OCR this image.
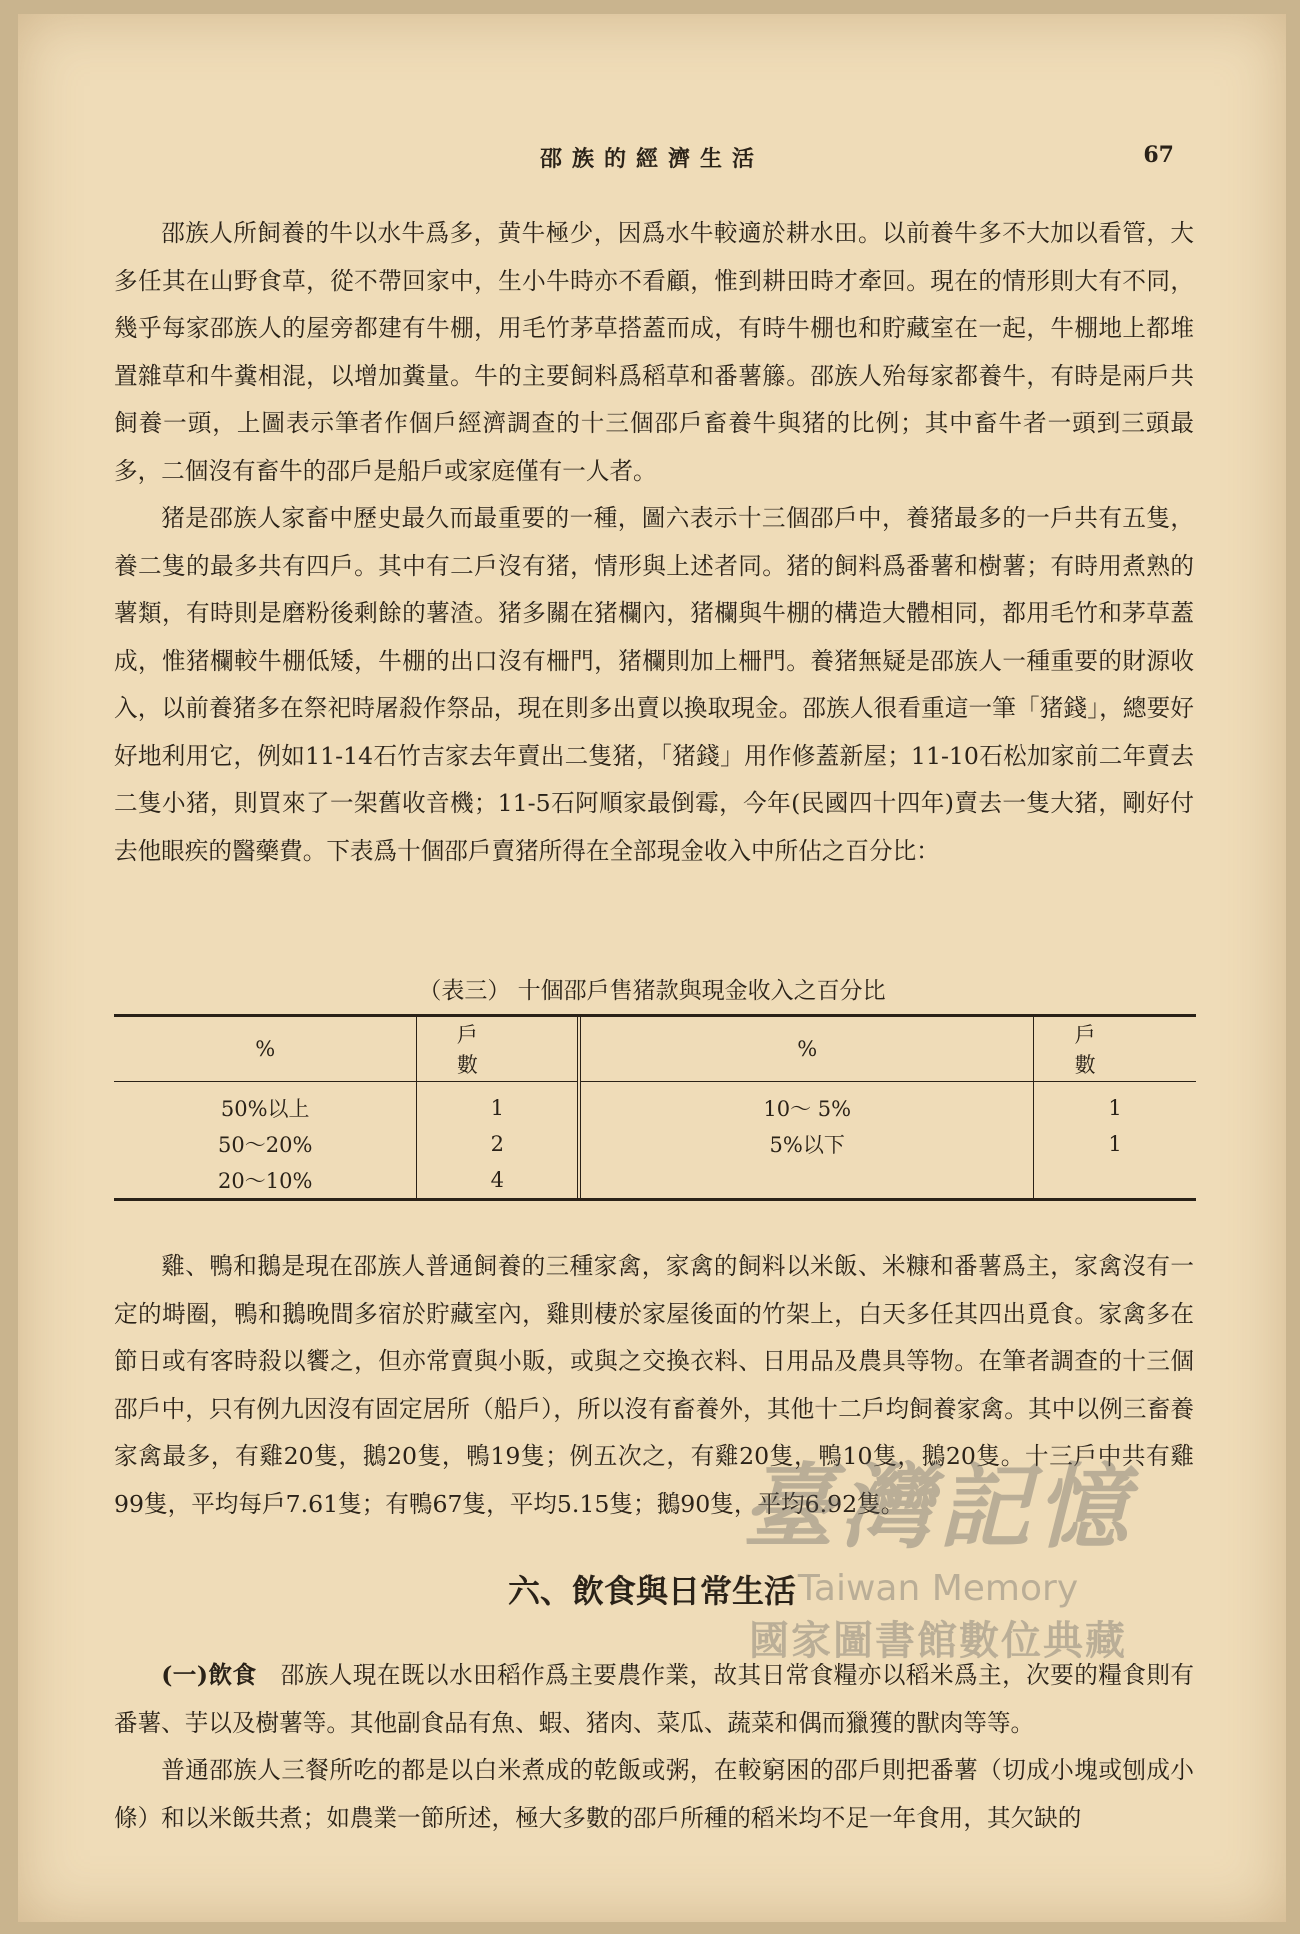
邵族的經濟生活	67

邵族人所飼養的牛以水牛爲多，黄牛極少，因爲水牛較適於耕水田。以前養牛多不大加以看管，大多任其在山野食草，從不帶回家中，生小牛時亦不看顧，惟到耕田時才牽回。現在的情形則大有不同，幾乎每家邵族人的屋旁都建有牛棚，用毛竹茅草搭蓋而成，有時牛棚也和貯藏室在一起，牛棚地上都堆置雜草和牛糞相混，以增加糞量。牛的主要飼料爲稻草和番薯籐。邵族人殆每家都養牛，有時是兩戶共飼養一頭，上圖表示筆者作個戶經濟調查的十三個邵戶畜養牛與猪的比例；其中畜牛者一頭到三頭最多，二個沒有畜牛的邵戶是船戶或家庭僅有一人者。

猪是邵族人家畜中歷史最久而最重要的一種，圖六表示十三個邵戶中，養猪最多的一戶共有五隻，養二隻的最多共有四戶。其中有二戶沒有猪，情形與上述者同。猪的飼料爲番薯和樹薯；有時用煮熟的薯類，有時則是磨粉後剩餘的薯渣。猪多關在猪欄內，猪欄與牛棚的構造大體相同，都用毛竹和茅草蓋成，惟猪欄較牛棚低矮，牛棚的出口沒有柵門，猪欄則加上柵門。養猪無疑是邵族人一種重要的財源收入，以前養猪多在祭祀時屠殺作祭品，現在則多出賣以換取現金。邵族人很看重這一筆「猪錢」，總要好好地利用它，例如11-14石竹吉家去年賣出二隻猪，「猪錢」用作修蓋新屋；11-10石松加家前二年賣去二隻小猪，則買來了一架舊收音機；11-5石阿順家最倒霉，今年(民國四十四年)賣去一隻大猪，剛好付去他眼疾的醫藥費。下表爲十個邵戶賣猪所得在全部現金收入中所佔之百分比：

（表三） 十個邵戶售猪款與現金收入之百分比
%	戶數	%	戶數
50%以上	1	10～ 5%	1
50～20%	2	5%以下	1
20～10%	4		

雞、鴨和鵝是現在邵族人普通飼養的三種家禽，家禽的飼料以米飯、米糠和番薯爲主，家禽沒有一定的塒圈，鴨和鵝晚間多宿於貯藏室內，雞則棲於家屋後面的竹架上，白天多任其四出覓食。家禽多在節日或有客時殺以饗之，但亦常賣與小販，或與之交換衣料、日用品及農具等物。在筆者調查的十三個邵戶中，只有例九因沒有固定居所（船戶），所以沒有畜養外，其他十二戶均飼養家禽。其中以例三畜養家禽最多，有雞20隻，鵝20隻，鴨19隻；例五次之，有雞20隻，鴨10隻，鵝20隻。十三戶中共有雞99隻，平均每戶7.61隻；有鴨67隻，平均5.15隻；鵝90隻，平均6.92隻。

六、飲食與日常生活

(一)飲食　 邵族人現在既以水田稻作爲主要農作業，故其日常食糧亦以稻米爲主，次要的糧食則有番薯、芋以及樹薯等。其他副食品有魚、蝦、猪肉、菜瓜、蔬菜和偶而獵獲的獸肉等等。

普通邵族人三餐所吃的都是以白米煮成的乾飯或粥，在較窮困的邵戶則把番薯（切成小塊或刨成小條）和以米飯共煮；如農業一節所述，極大多數的邵戶所種的稻米均不足一年食用，其欠缺的

臺灣記憶
Taiwan Memory
國家圖書館數位典藏
